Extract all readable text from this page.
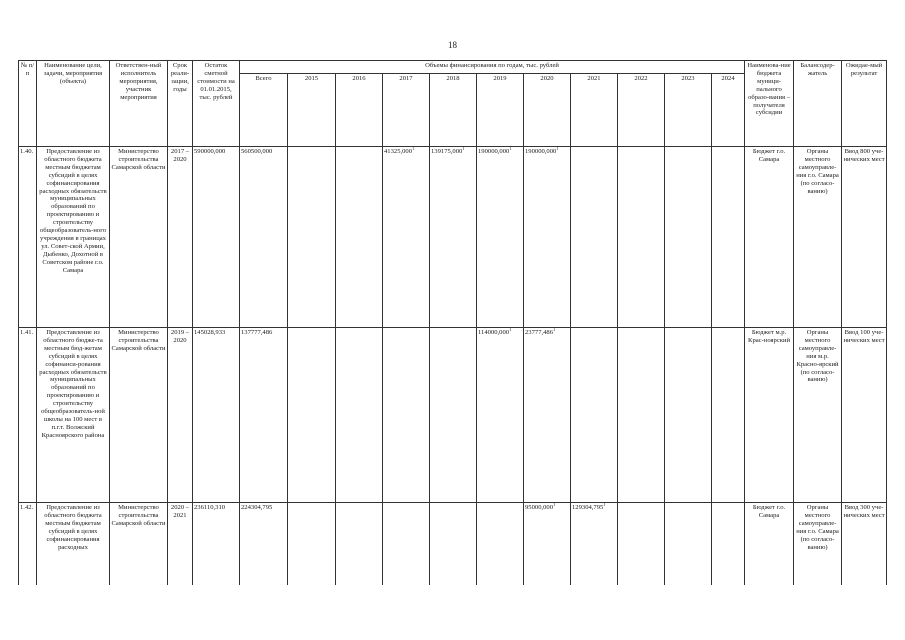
18
№ п/п	Наименование цели, задачи, мероприятия (объекта)	Ответствен-ный исполнитель мероприятия, участник мероприятия	Срок реали-зации, годы	Остаток сметной стоимости на 01.01.2015, тыс. рублей	Объемы финансирования по годам, тыс. рублей											Наименова-ние бюджета муници-пального образо-вания – получателя субсидии	Балансодер-жатель	Ожидае-мый результат
					Всего	2015	2016	2017	2018	2019	2020	2021	2022	2023	2024			
1.40.	Предоставление из областного бюджета местным бюджетам субсидий в целях софинансирования расходных обязательств муниципальных образований по проектированию и строительству общеобразователь-ного учреждения в границах ул. Совет-ской Армии, Дыбенко, Дохотной в Советском районе г.о. Самара	Министерство строительства Самарской области	2017 – 2020	590000,000	560500,000			41325,000$^1$	139175,000$^1$	190000,000$^1$	190000,000$^1$					Бюджет г.о. Самара	Органы местного самоуправле-ния г.о. Самара (по согласо-ванию)	Ввод 800 уче-нических мест
1.41.	Предоставление из областного бюдже-та местным бюд-жетам субсидий в целях софинанси-рования расходных обязательств муниципальных образований по проектированию и строительству общеобразователь-ной школы на 100 мест в п.г.т. Волжский Красноярского района	Министерство строительства Самарской области	2019 – 2020	145028,933	137777,486					114000,000$^1$	23777,486$^1$					Бюджет м.р. Крас-ноярский	Органы местного самоуправле-ния м.р. Красно-ярский (по согласо-ванию)	Ввод 100 уче-нических мест
1.42.	Предоставление из областного бюджета местным бюджетам субсидий в целях софинансирования расходных	Министерство строительства Самарской области	2020 – 2021	236110,310	224304,795						95000,000$^1$	129304,795$^1$				Бюджет г.о. Самара	Органы местного самоуправле-ния г.о. Самара (по согласо-ванию)	Ввод 300 уче-нических мест
